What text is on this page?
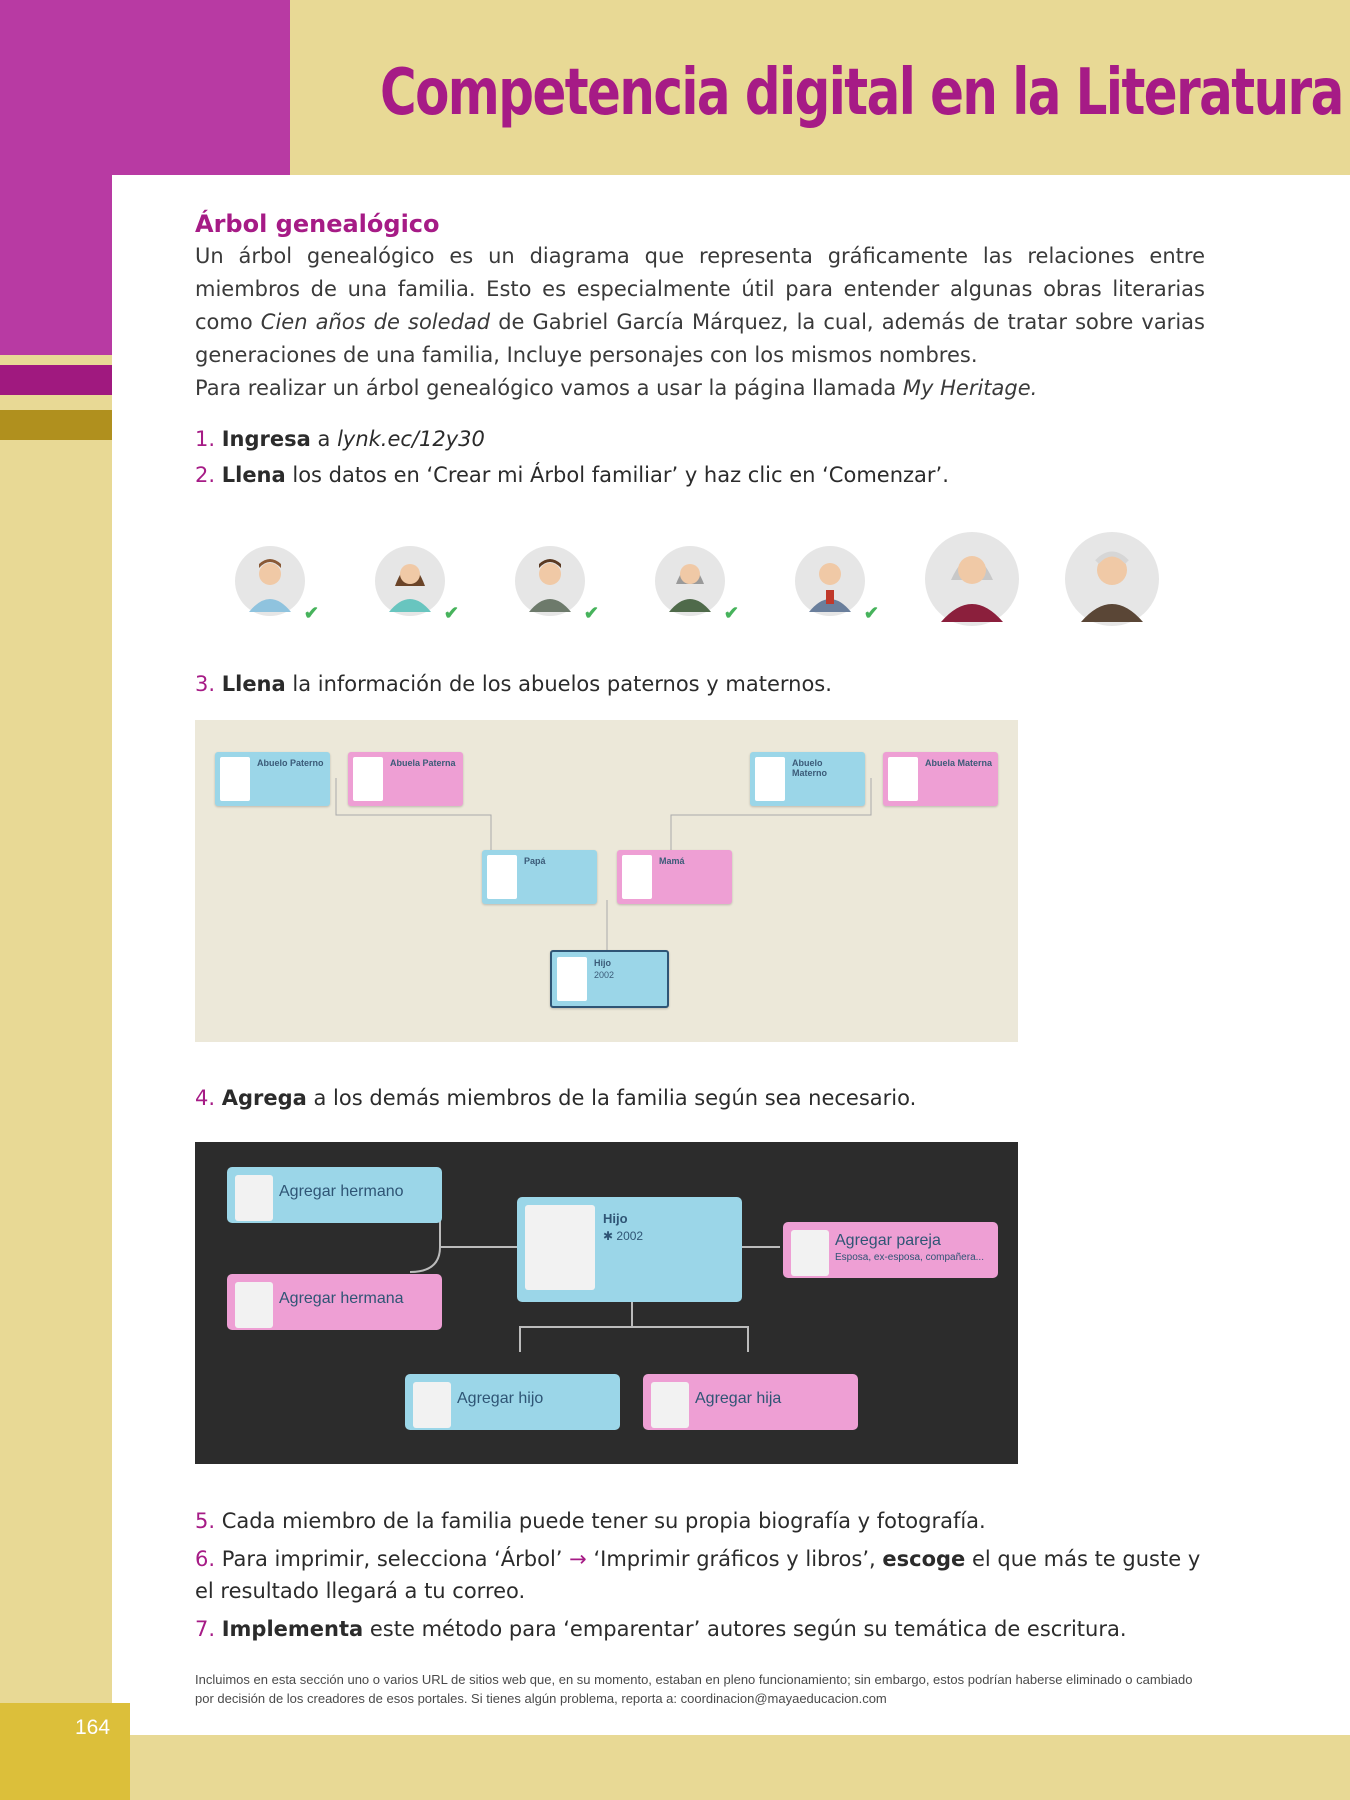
164
Competencia digital en la Literatura
Árbol genealógico

Un árbol genealógico es un diagrama que representa gráficamente las relaciones entre miembros de una familia. Esto es especialmente útil para entender algunas obras literarias como Cien años de soledad de Gabriel García Márquez, la cual, además de tratar sobre varias generaciones de una familia, Incluye personajes con los mismos nombres.

Para realizar un árbol genealógico vamos a usar la página llamada My Heritage.

1. Ingresa a lynk.ec/12y30
2. Llena los datos en ‘Crear mi Árbol familiar’ y haz clic en ‘Comenzar’.
✔	✔	✔	✔	✔
3. Llena la información de los abuelos paternos y maternos.
Abuelo Paterno	Abuela Paterna	Abuelo Materno
Abuela Materna
Papá	Mamá
Hijo
2002
4. Agrega a los demás miembros de la familia según sea necesario.
Agregar hermano
Agregar hermana
Hijo
✱ 2002	Agregar pareja
Esposa, ex-esposa, compañera...
Agregar hijo	Agregar hija
5. Cada miembro de la familia puede tener su propia biografía y fotografía.
6. Para imprimir, selecciona ‘Árbol’ → ‘Imprimir gráficos y libros’, escoge el que más te guste y el resultado llegará a tu correo.
7. Implementa este método para ‘emparentar’ autores según su temática de escritura.
Incluimos en esta sección uno o varios URL de sitios web que, en su momento, estaban en pleno funcionamiento; sin embargo, estos podrían haberse eliminado o cambiado por decisión de los creadores de esos portales. Si tienes algún problema, reporta a: coordinacion@mayaeducacion.com
